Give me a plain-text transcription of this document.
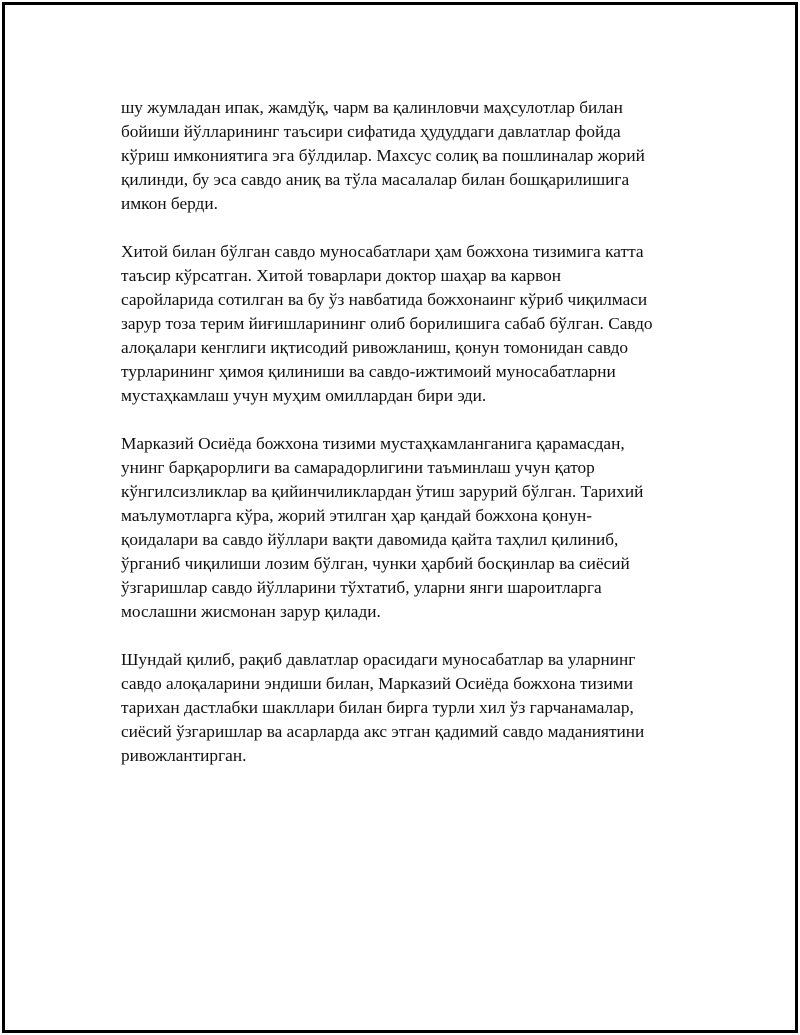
шу жумладан ипак, жамдўқ, чарм ва қалинловчи маҳсулотлар билан
бойиши йўлларининг таъсири сифатида ҳудуддаги давлатлар фойда
кўриш имкониятига эга бўлдилар. Махсус солиқ ва пошлиналар жорий
қилинди, бу эса савдо аниқ ва тўла масалалар билан бошқарилишига
имкон берди.

Хитой билан бўлган савдо муносабатлари ҳам божхона тизимига катта
таъсир кўрсатган. Хитой товарлари доктор шаҳар ва карвон
саройларида сотилган ва бу ўз навбатида божхонаинг кўриб чиқилмаси
зарур тоза терим йиғишларининг олиб борилишига сабаб бўлган. Савдо
алоқалари кенглиги иқтисодий ривожланиш, қонун томонидан савдо
турларининг ҳимоя қилиниши ва савдо-ижтимоий муносабатларни
мустаҳкамлаш учун муҳим омиллардан бири эди.

Марказий Осиёда божхона тизими мустаҳкамланганига қарамасдан,
унинг барқарорлиги ва самарадорлигини таъминлаш учун қатор
кўнгилсизликлар ва қийинчиликлардан ўтиш зарурий бўлган. Тарихий
маълумотларга кўра, жорий этилган ҳар қандай божхона қонун-
қоидалари ва савдо йўллари вақти давомида қайта таҳлил қилиниб,
ўрганиб чиқилиши лозим бўлган, чунки ҳарбий босқинлар ва сиёсий
ўзгаришлар савдо йўлларини тўхтатиб, уларни янги шароитларга
мослашни жисмонан зарур қилади.

Шундай қилиб, рақиб давлатлар орасидаги муносабатлар ва уларнинг
савдо алоқаларини эндиши билан, Марказий Осиёда божхона тизими
тарихан дастлабки шакллари билан бирга турли хил ўз гарчанамалар,
сиёсий ўзгаришлар ва асарларда акс этган қадимий савдо маданиятини
ривожлантирган.
